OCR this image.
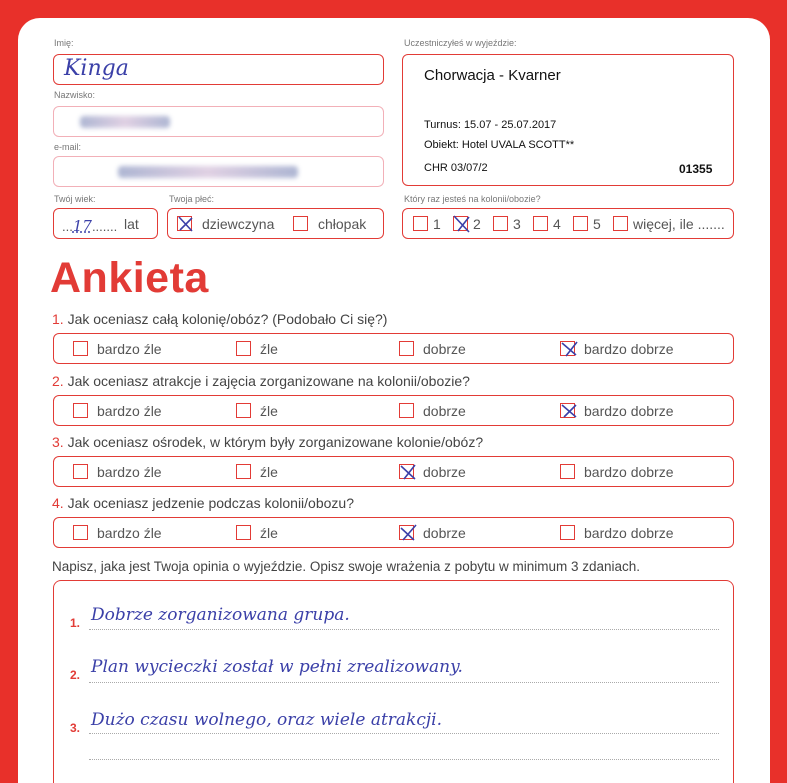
Imię:
Kinga
Nazwisko:
e-mail:
Twój wiek:
...17....... lat
Twoja płeć:
dziewczyna	chłopak
Uczestniczyłeś w wyjeździe:
Chorwacja - Kvarner
Turnus: 15.07 - 25.07.2017
Obiekt: Hotel UVALA SCOTT**
CHR 03/07/2	01355
Który raz jesteś na kolonii/obozie?
1 2 3 4 5 więcej, ile .......
Ankieta
1. Jak oceniasz całą kolonię/obóz? (Podobało Ci się?)
bardzo źle	źle	dobrze	bardzo dobrze
2. Jak oceniasz atrakcje i zajęcia zorganizowane na kolonii/obozie?
bardzo źle	źle	dobrze	bardzo dobrze
3. Jak oceniasz ośrodek, w którym były zorganizowane kolonie/obóz?
bardzo źle	źle	dobrze	bardzo dobrze
4. Jak oceniasz jedzenie podczas kolonii/obozu?
bardzo źle	źle	dobrze	bardzo dobrze
Napisz, jaka jest Twoja opinia o wyjeździe. Opisz swoje wrażenia z pobytu w minimum 3 zdaniach.
1. Dobrze zorganizowana grupa.
2. Plan wycieczki został w pełni zrealizowany.
3. Dużo czasu wolnego, oraz wiele atrakcji.
